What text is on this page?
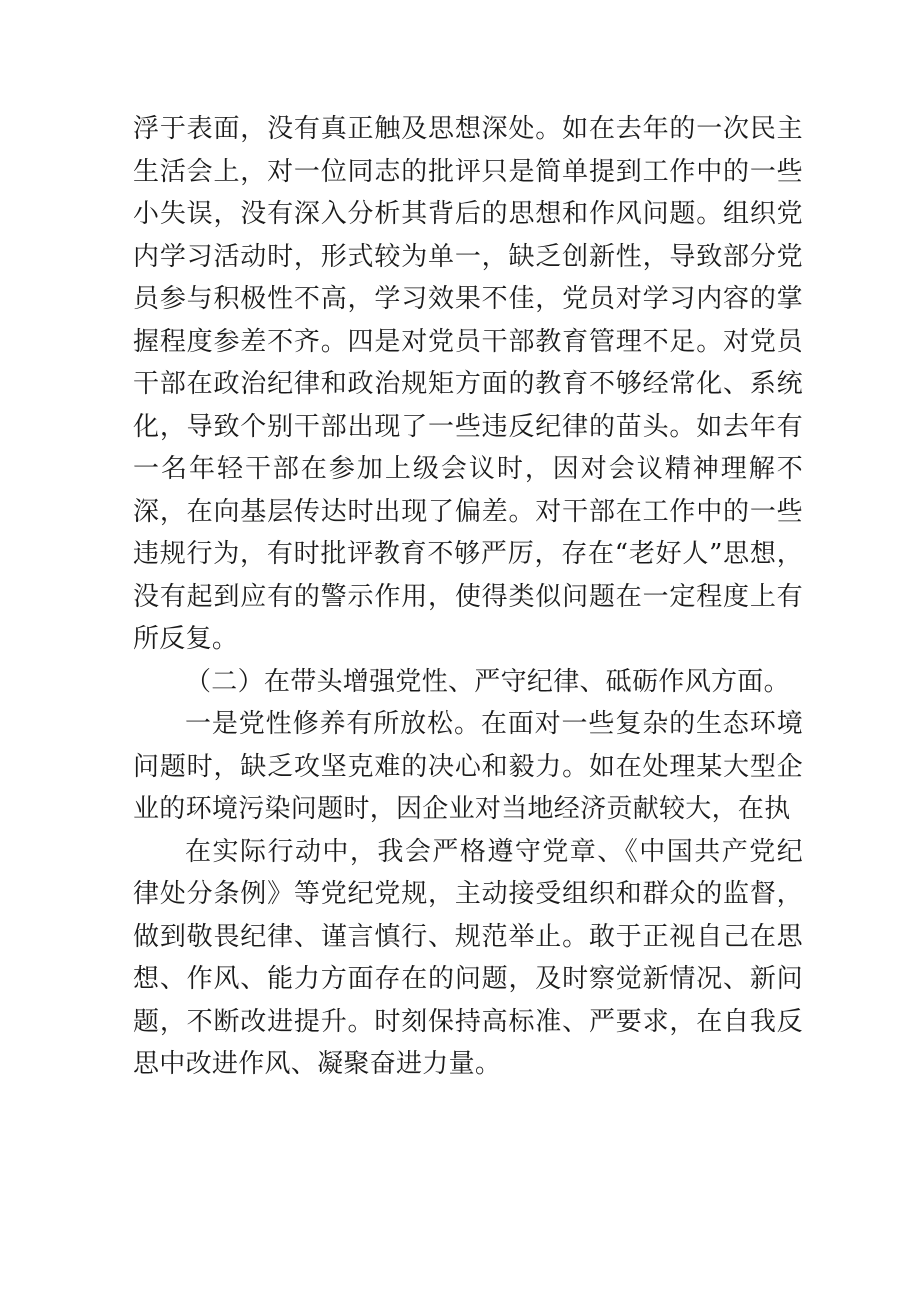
浮于表面，没有真正触及思想深处。如在去年的一次民主生活会上，对一位同志的批评只是简单提到工作中的一些小失误，没有深入分析其背后的思想和作风问题。组织党内学习活动时，形式较为单一，缺乏创新性，导致部分党员参与积极性不高，学习效果不佳，党员对学习内容的掌握程度参差不齐。四是对党员干部教育管理不足。对党员干部在政治纪律和政治规矩方面的教育不够经常化、系统化，导致个别干部出现了一些违反纪律的苗头。如去年有一名年轻干部在参加上级会议时，因对会议精神理解不深，在向基层传达时出现了偏差。对干部在工作中的一些违规行为，有时批评教育不够严厉，存在“老好人”思想，没有起到应有的警示作用，使得类似问题在一定程度上有所反复。

（二）在带头增强党性、严守纪律、砥砺作风方面。

一是党性修养有所放松。在面对一些复杂的生态环境问题时，缺乏攻坚克难的决心和毅力。如在处理某大型企业的环境污染问题时，因企业对当地经济贡献较大，在执

在实际行动中，我会严格遵守党章、《中国共产党纪律处分条例》等党纪党规，主动接受组织和群众的监督，做到敬畏纪律、谨言慎行、规范举止。敢于正视自己在思想、作风、能力方面存在的问题，及时察觉新情况、新问题，不断改进提升。时刻保持高标准、严要求，在自我反思中改进作风、凝聚奋进力量。
